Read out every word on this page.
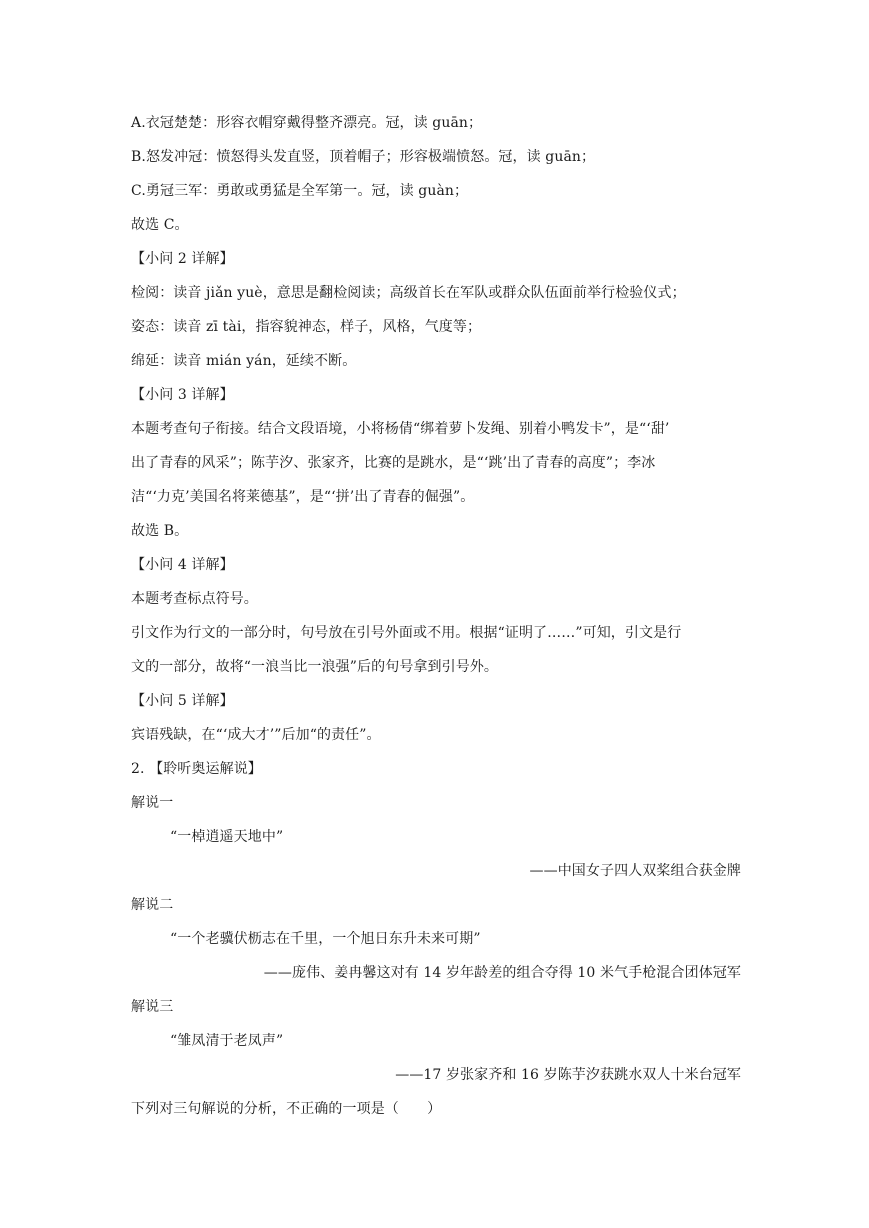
A.衣冠楚楚：形容衣帽穿戴得整齐漂亮。冠，读 guān；
B.怒发冲冠：愤怒得头发直竖，顶着帽子；形容极端愤怒。冠，读 guān；
C.勇冠三军：勇敢或勇猛是全军第一。冠，读 guàn；
故选 C。
【小问 2 详解】
检阅：读音 jiǎn yuè，意思是翻检阅读；高级首长在军队或群众队伍面前举行检验仪式；
姿态：读音 zī tài，指容貌神态，样子，风格，气度等；
绵延：读音 mián yán，延续不断。
【小问 3 详解】
本题考查句子衔接。结合文段语境，小将杨倩“绑着萝卜发绳、别着小鸭发卡”，是“‘甜’
出了青春的风采”；陈芋汐、张家齐，比赛的是跳水，是“‘跳’出了青春的高度”；李冰
洁“‘力克’美国名将莱德基”，是“‘拼’出了青春的倔强”。
故选 B。
【小问 4 详解】
本题考查标点符号。
引文作为行文的一部分时，句号放在引号外面或不用。根据“证明了……”可知，引文是行
文的一部分，故将“一浪当比一浪强”后的句号拿到引号外。
【小问 5 详解】
宾语残缺，在“‘成大才’”后加“的责任”。
2. 【聆听奥运解说】
解说一
“一棹逍遥天地中”
——中国女子四人双桨组合获金牌
解说二
“一个老骥伏枥志在千里，一个旭日东升未来可期”
——庞伟、姜冉馨这对有 14 岁年龄差的组合夺得 10 米气手枪混合团体冠军
解说三
“雏凤清于老凤声”
——17 岁张家齐和 16 岁陈芋汐获跳水双人十米台冠军
下列对三句解说的分析，不正确的一项是（　　）
